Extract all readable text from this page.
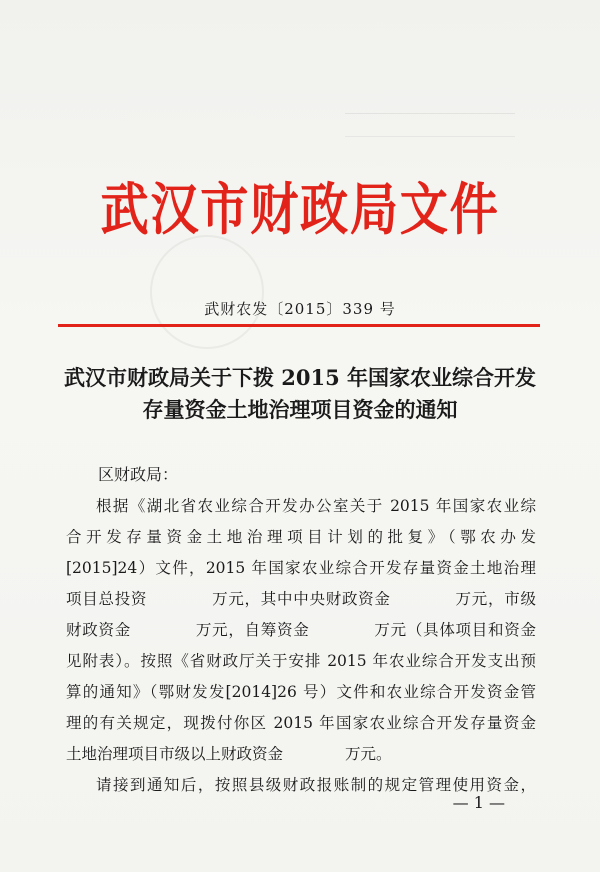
武汉市财政局文件
武财农发〔2015〕339 号
武汉市财政局关于下拨 2015 年国家农业综合开发
存量资金土地治理项目资金的通知
区财政局：
根据《湖北省农业综合开发办公室关于 2015 年国家农业综
合开发存量资金土地治理项目计划的批复》（鄂农办发
[2015]24）文件，2015 年国家农业综合开发存量资金土地治理
项目总投资　　　　万元，其中中央财政资金　　　　万元，市级
财政资金　　　　万元，自筹资金　　　　万元（具体项目和资金
见附表）。按照《省财政厅关于安排 2015 年农业综合开发支出预
算的通知》（鄂财发发[2014]26 号）文件和农业综合开发资金管
理的有关规定，现拨付你区 2015 年国家农业综合开发存量资金
土地治理项目市级以上财政资金　　　　万元。
请接到通知后，按照县级财政报账制的规定管理使用资金，
— 1 —
